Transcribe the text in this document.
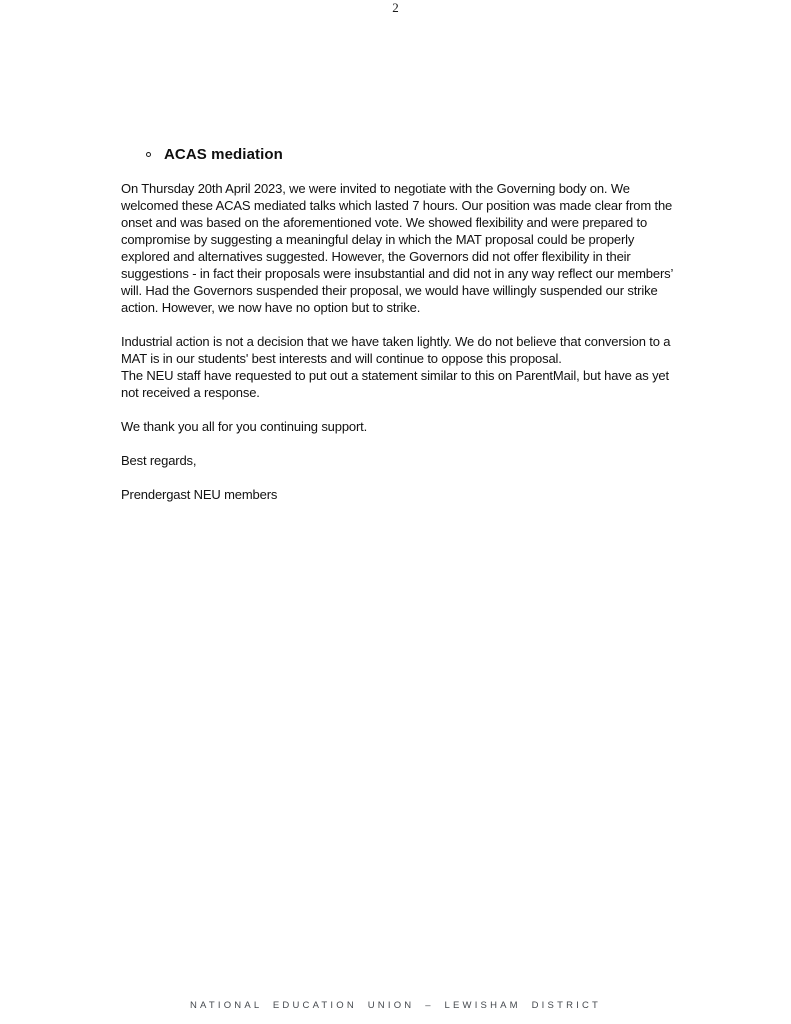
2
ACAS mediation
On Thursday 20th April 2023, we were invited to negotiate with the Governing body on. We welcomed these ACAS mediated talks which lasted 7 hours. Our position was made clear from the onset and was based on the aforementioned vote. We showed flexibility and were prepared to compromise by suggesting a meaningful delay in which the MAT proposal could be properly explored and alternatives suggested. However, the Governors did not offer flexibility in their suggestions - in fact their proposals were insubstantial and did not in any way reflect our members’ will. Had the Governors suspended their proposal, we would have willingly suspended our strike action. However, we now have no option but to strike.
Industrial action is not a decision that we have taken lightly. We do not believe that conversion to a MAT is in our students' best interests and will continue to oppose this proposal.
The NEU staff have requested to put out a statement similar to this on ParentMail, but have as yet not received a response.
We thank you all for you continuing support.
Best regards,
Prendergast NEU members
NATIONAL EDUCATION UNION – LEWISHAM DISTRICT
